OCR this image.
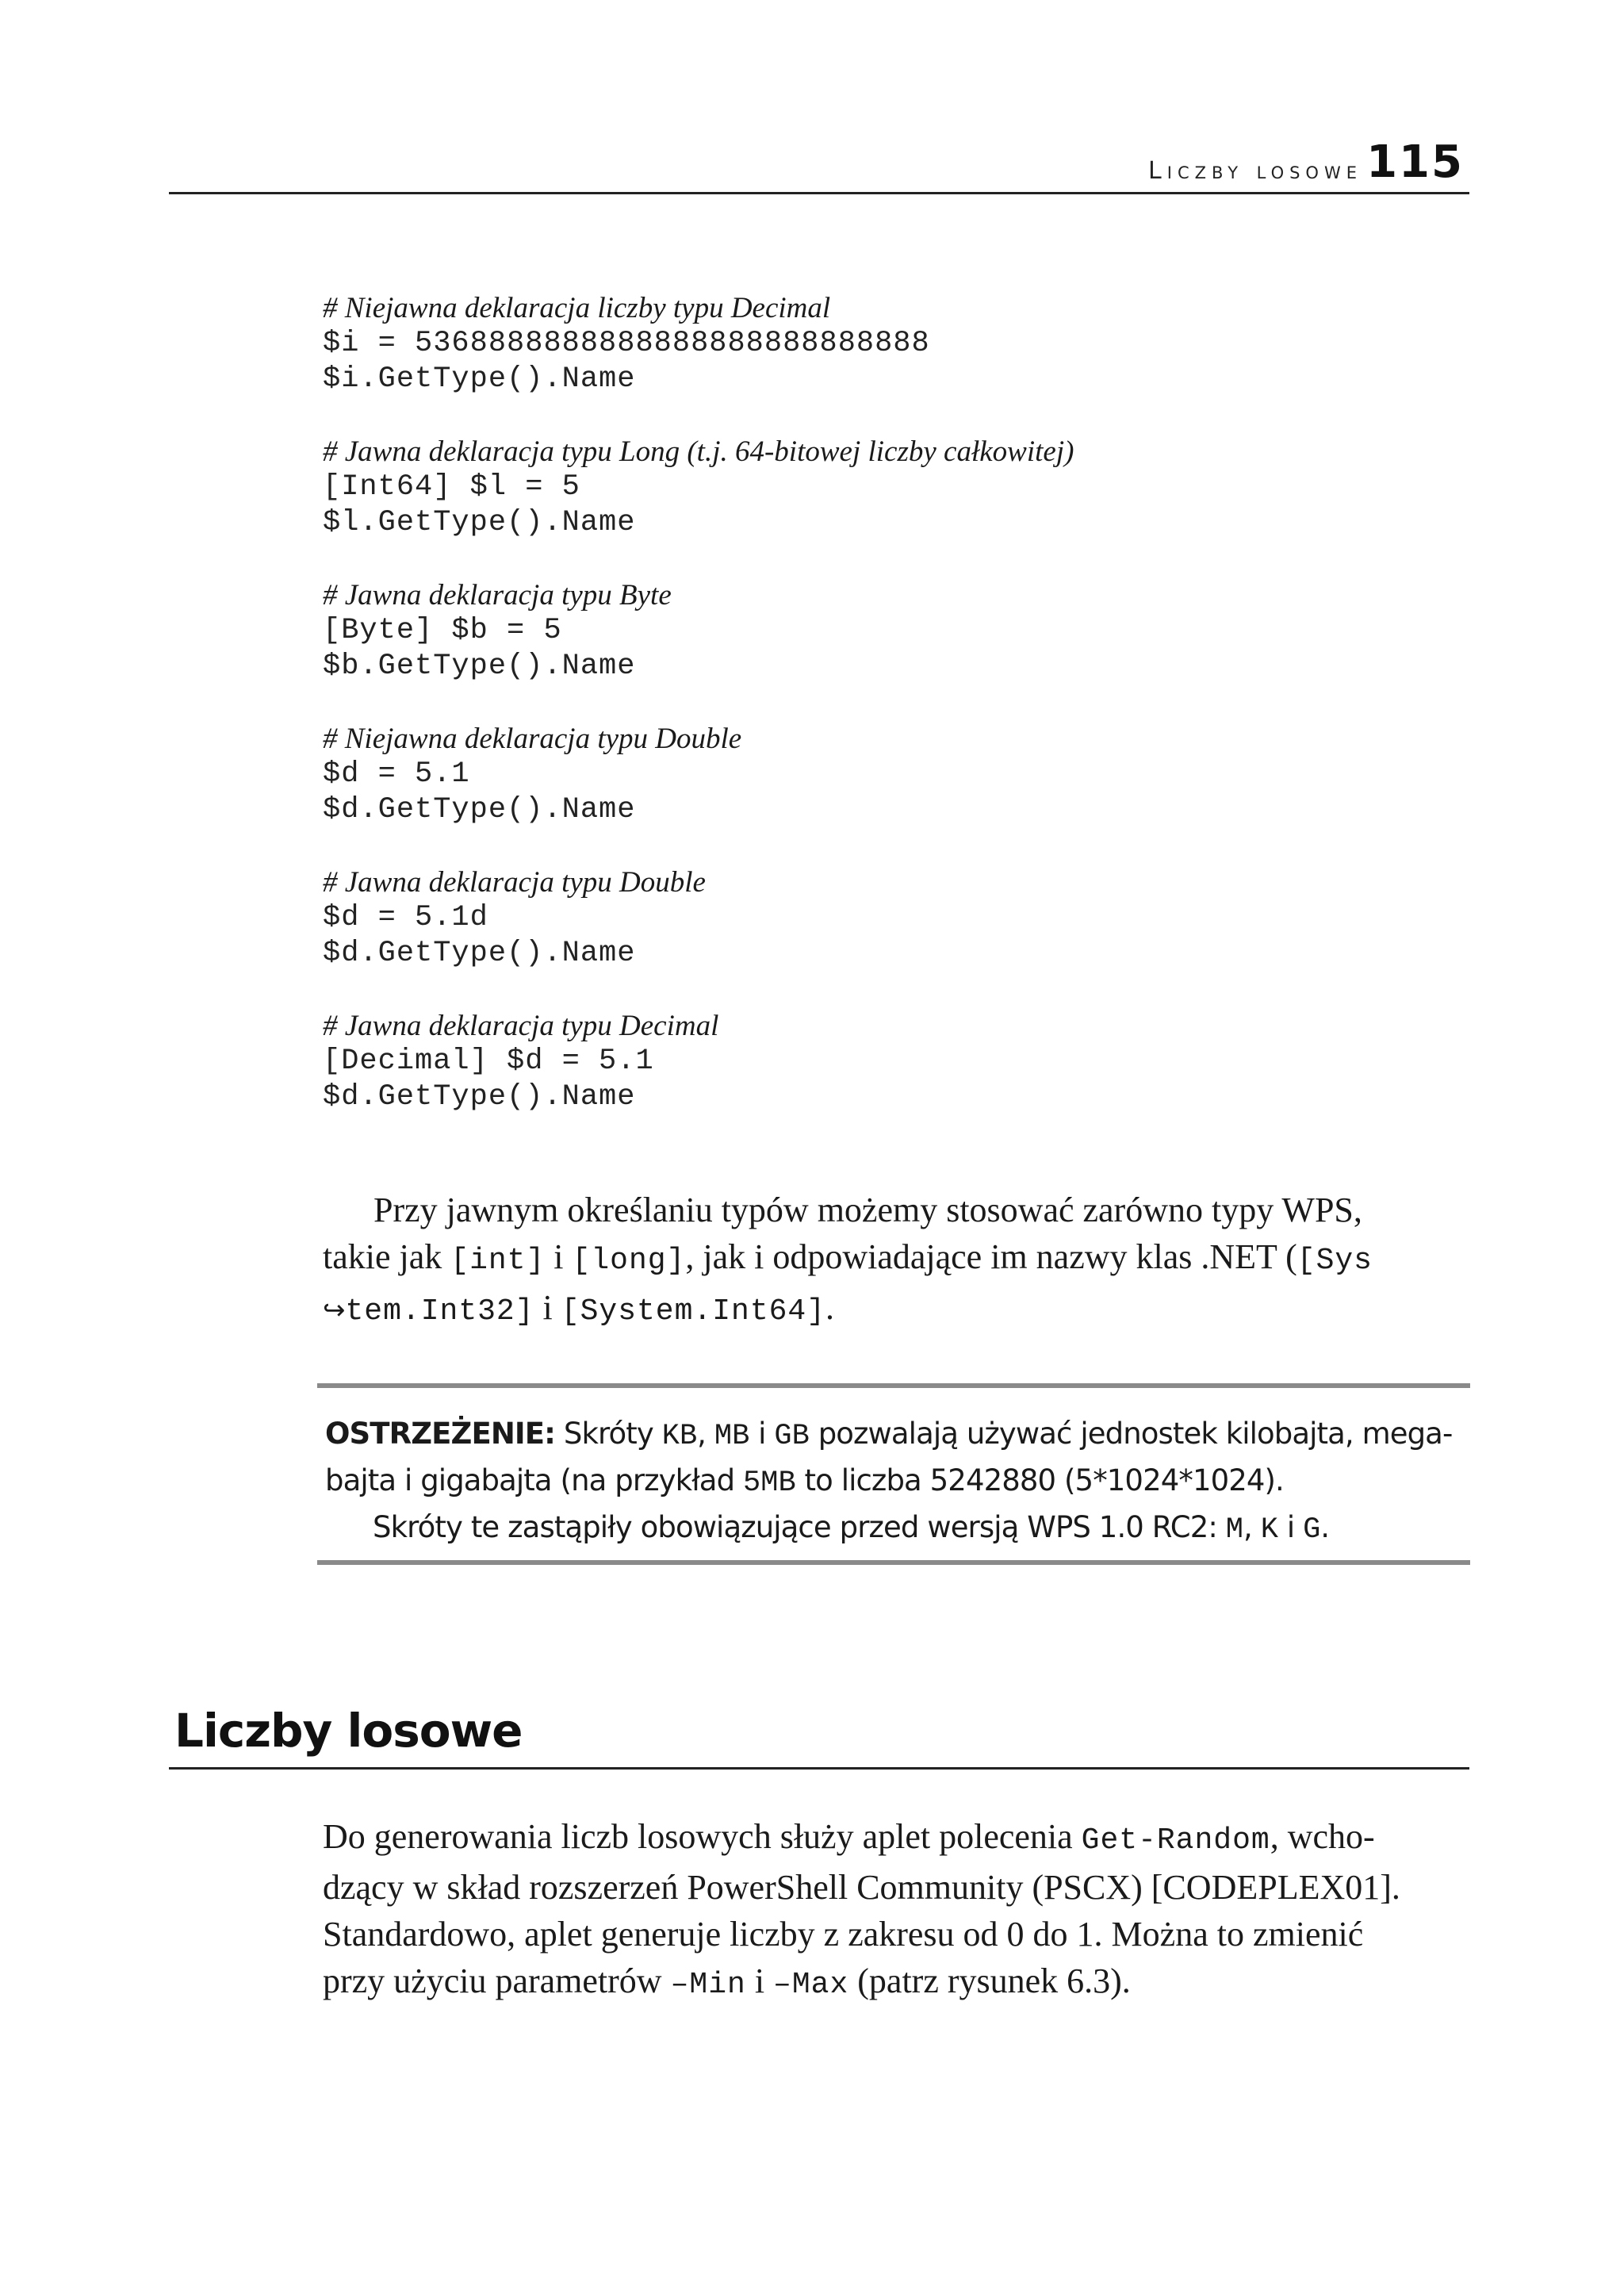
Liczby losowe 115
# Niejawna deklaracja liczby typu Decimal
$i = 5368888888888888888888888888
$i.GetType().Name
# Jawna deklaracja typu Long (t.j. 64-bitowej liczby całkowitej)
[Int64] $l = 5
$l.GetType().Name
# Jawna deklaracja typu Byte
[Byte] $b = 5
$b.GetType().Name
# Niejawna deklaracja typu Double
$d = 5.1
$d.GetType().Name
# Jawna deklaracja typu Double
$d = 5.1d
$d.GetType().Name
# Jawna deklaracja typu Decimal
[Decimal] $d = 5.1
$d.GetType().Name
Przy jawnym określaniu typów możemy stosować zarówno typy WPS,
takie jak [int] i [long], jak i odpowiadające im nazwy klas .NET ([Sys
↪tem.Int32] i [System.Int64].
OSTRZEŻENIE: Skróty KB, MB i GB pozwalają używać jednostek kilobajta, mega-
bajta i gigabajta (na przykład 5MB to liczba 5242880 (5*1024*1024).
Skróty te zastąpiły obowiązujące przed wersją WPS 1.0 RC2: M, K i G.
Liczby losowe
Do generowania liczb losowych służy aplet polecenia Get-Random, wcho-
dzący w skład rozszerzeń PowerShell Community (PSCX) [CODEPLEX01].
Standardowo, aplet generuje liczby z zakresu od 0 do 1. Można to zmienić
przy użyciu parametrów –Min i –Max (patrz rysunek 6.3).
